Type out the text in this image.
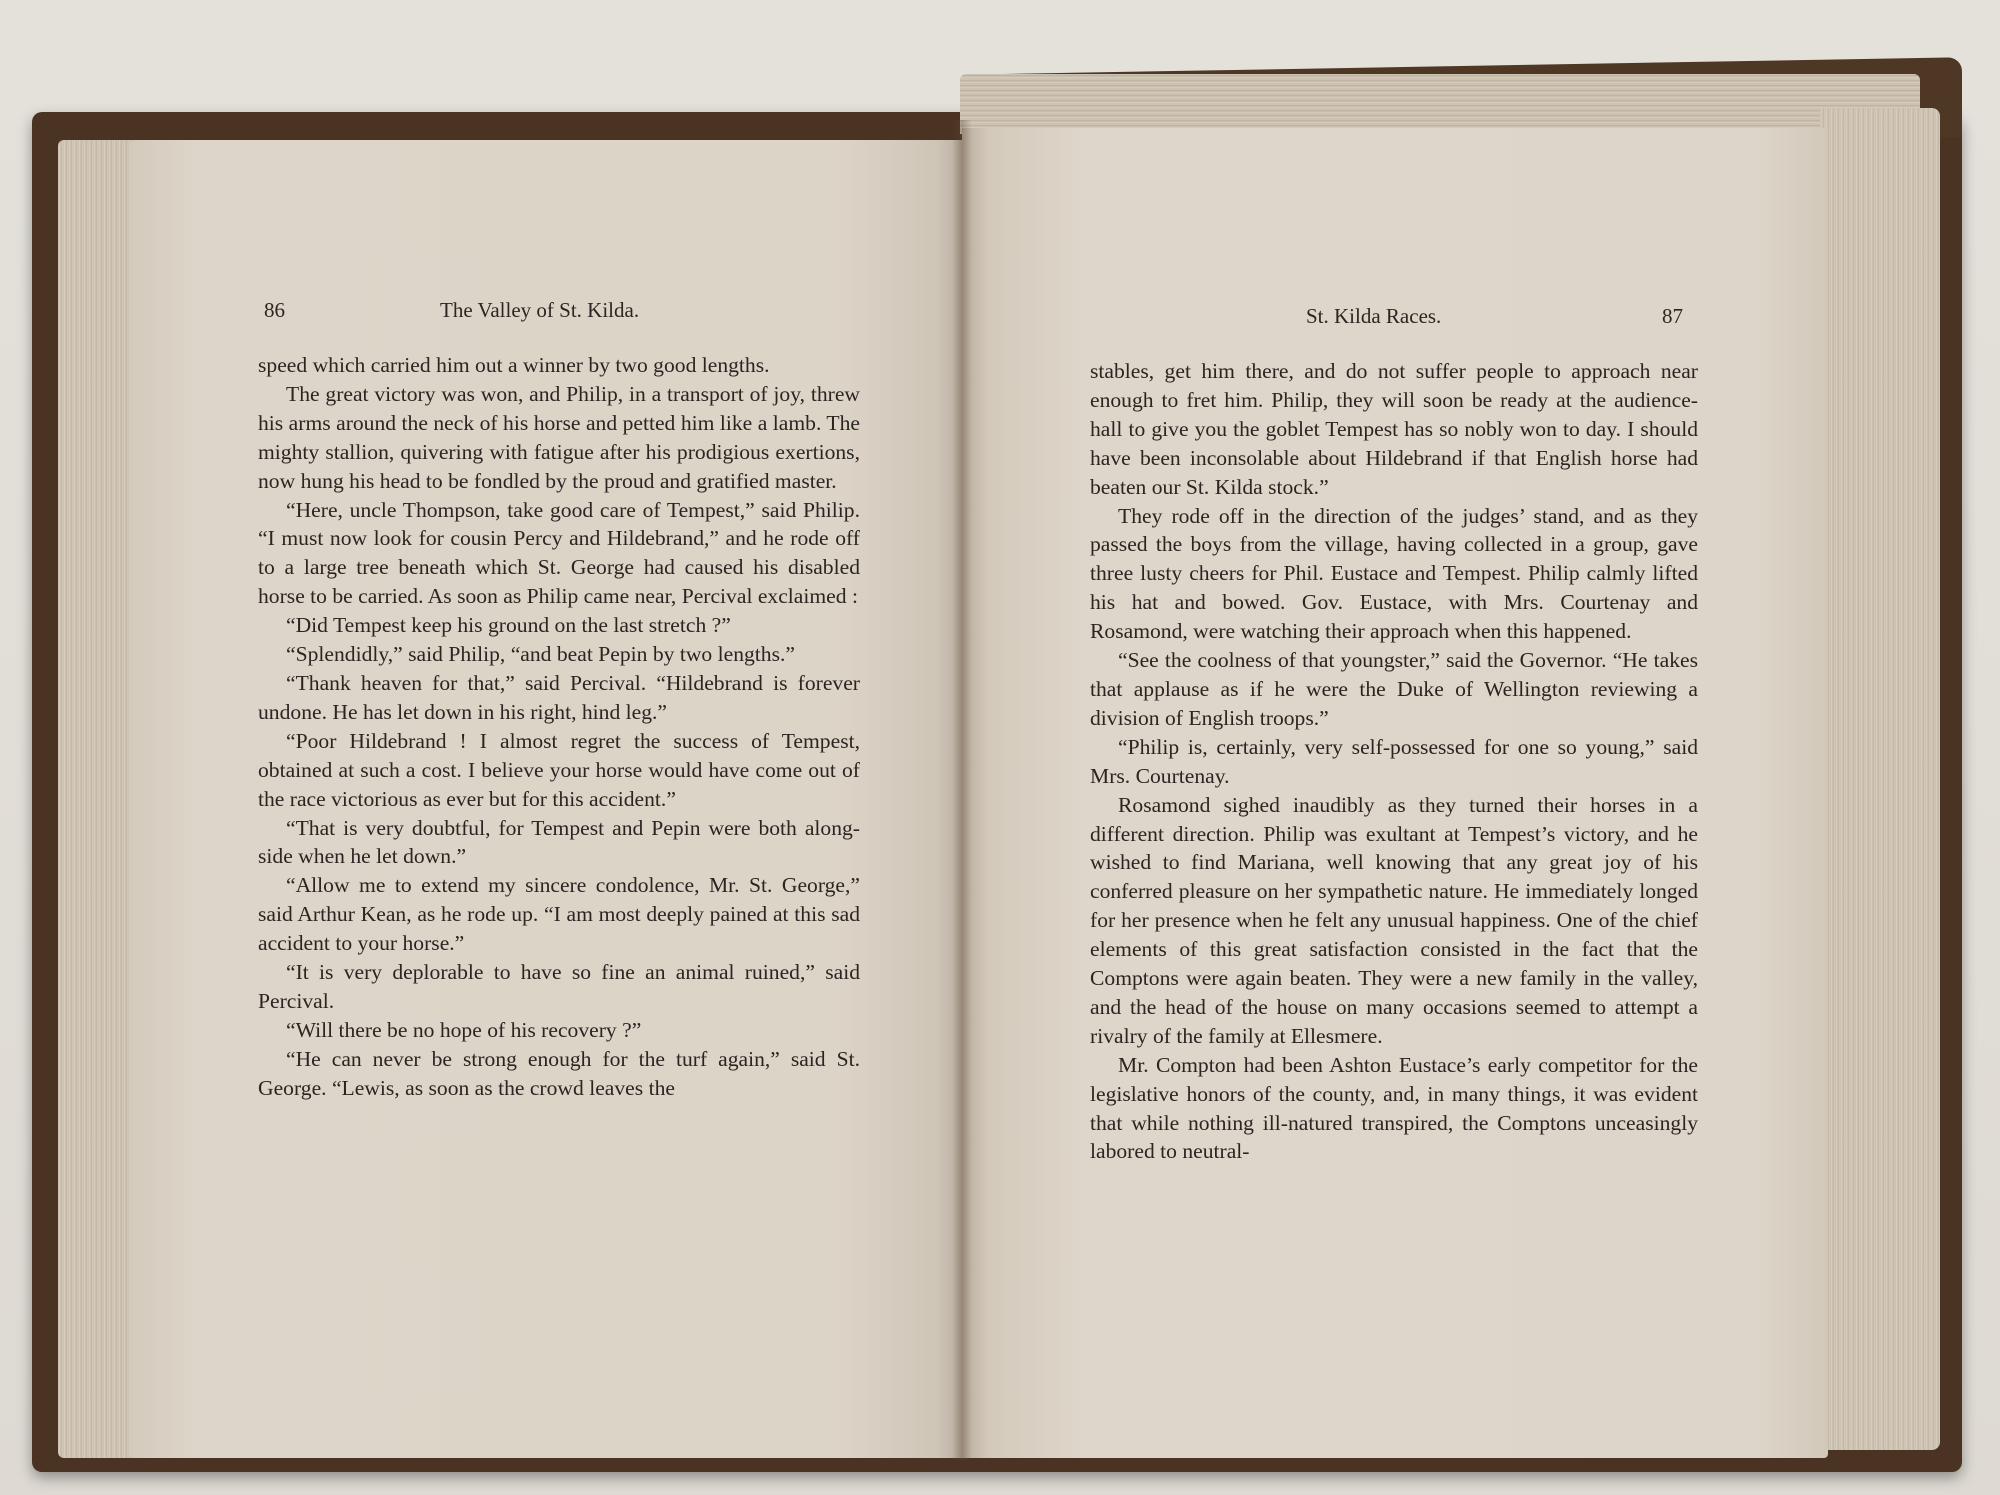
86	The Valley of St. Kilda.	St. Kilda Races.	87

speed which carried him out a winner by two good lengths.

The great victory was won, and Philip, in a transport of joy, threw his arms around the neck of his horse and petted him like a lamb. The mighty stallion, quivering with fatigue after his prodigious exertions, now hung his head to be fondled by the proud and gratified master.

“Here, uncle Thompson, take good care of Tempest,” said Philip. “I must now look for cousin Percy and Hildebrand,” and he rode off to a large tree beneath which St. George had caused his disabled horse to be carried. As soon as Philip came near, Percival exclaimed :

“Did Tempest keep his ground on the last stretch ?”

“Splendidly,” said Philip, “and beat Pepin by two lengths.”

“Thank heaven for that,” said Percival. “Hildebrand is forever undone. He has let down in his right, hind leg.”

“Poor Hildebrand ! I almost regret the success of Tempest, obtained at such a cost. I believe your horse would have come out of the race victorious as ever but for this accident.”

“That is very doubtful, for Tempest and Pepin were both along-side when he let down.”

“Allow me to extend my sincere condolence, Mr. St. George,” said Arthur Kean, as he rode up. “I am most deeply pained at this sad accident to your horse.”

“It is very deplorable to have so fine an animal ruined,” said Percival.

“Will there be no hope of his recovery ?”

“He can never be strong enough for the turf again,” said St. George. “Lewis, as soon as the crowd leaves the

stables, get him there, and do not suffer people to approach near enough to fret him. Philip, they will soon be ready at the audience-hall to give you the goblet Tempest has so nobly won to day. I should have been inconsolable about Hildebrand if that English horse had beaten our St. Kilda stock.”

They rode off in the direction of the judges’ stand, and as they passed the boys from the village, having collected in a group, gave three lusty cheers for Phil. Eustace and Tempest. Philip calmly lifted his hat and bowed. Gov. Eustace, with Mrs. Courtenay and Rosamond, were watching their approach when this happened.

“See the coolness of that youngster,” said the Governor. “He takes that applause as if he were the Duke of Wellington reviewing a division of English troops.”

“Philip is, certainly, very self-possessed for one so young,” said Mrs. Courtenay.

Rosamond sighed inaudibly as they turned their horses in a different direction. Philip was exultant at Tempest’s victory, and he wished to find Mariana, well knowing that any great joy of his conferred pleasure on her sympathetic nature. He immediately longed for her presence when he felt any unusual happiness. One of the chief elements of this great satisfaction consisted in the fact that the Comptons were again beaten. They were a new family in the valley, and the head of the house on many occasions seemed to attempt a rivalry of the family at Ellesmere.

Mr. Compton had been Ashton Eustace’s early competitor for the legislative honors of the county, and, in many things, it was evident that while nothing ill-natured transpired, the Comptons unceasingly labored to neutral-
